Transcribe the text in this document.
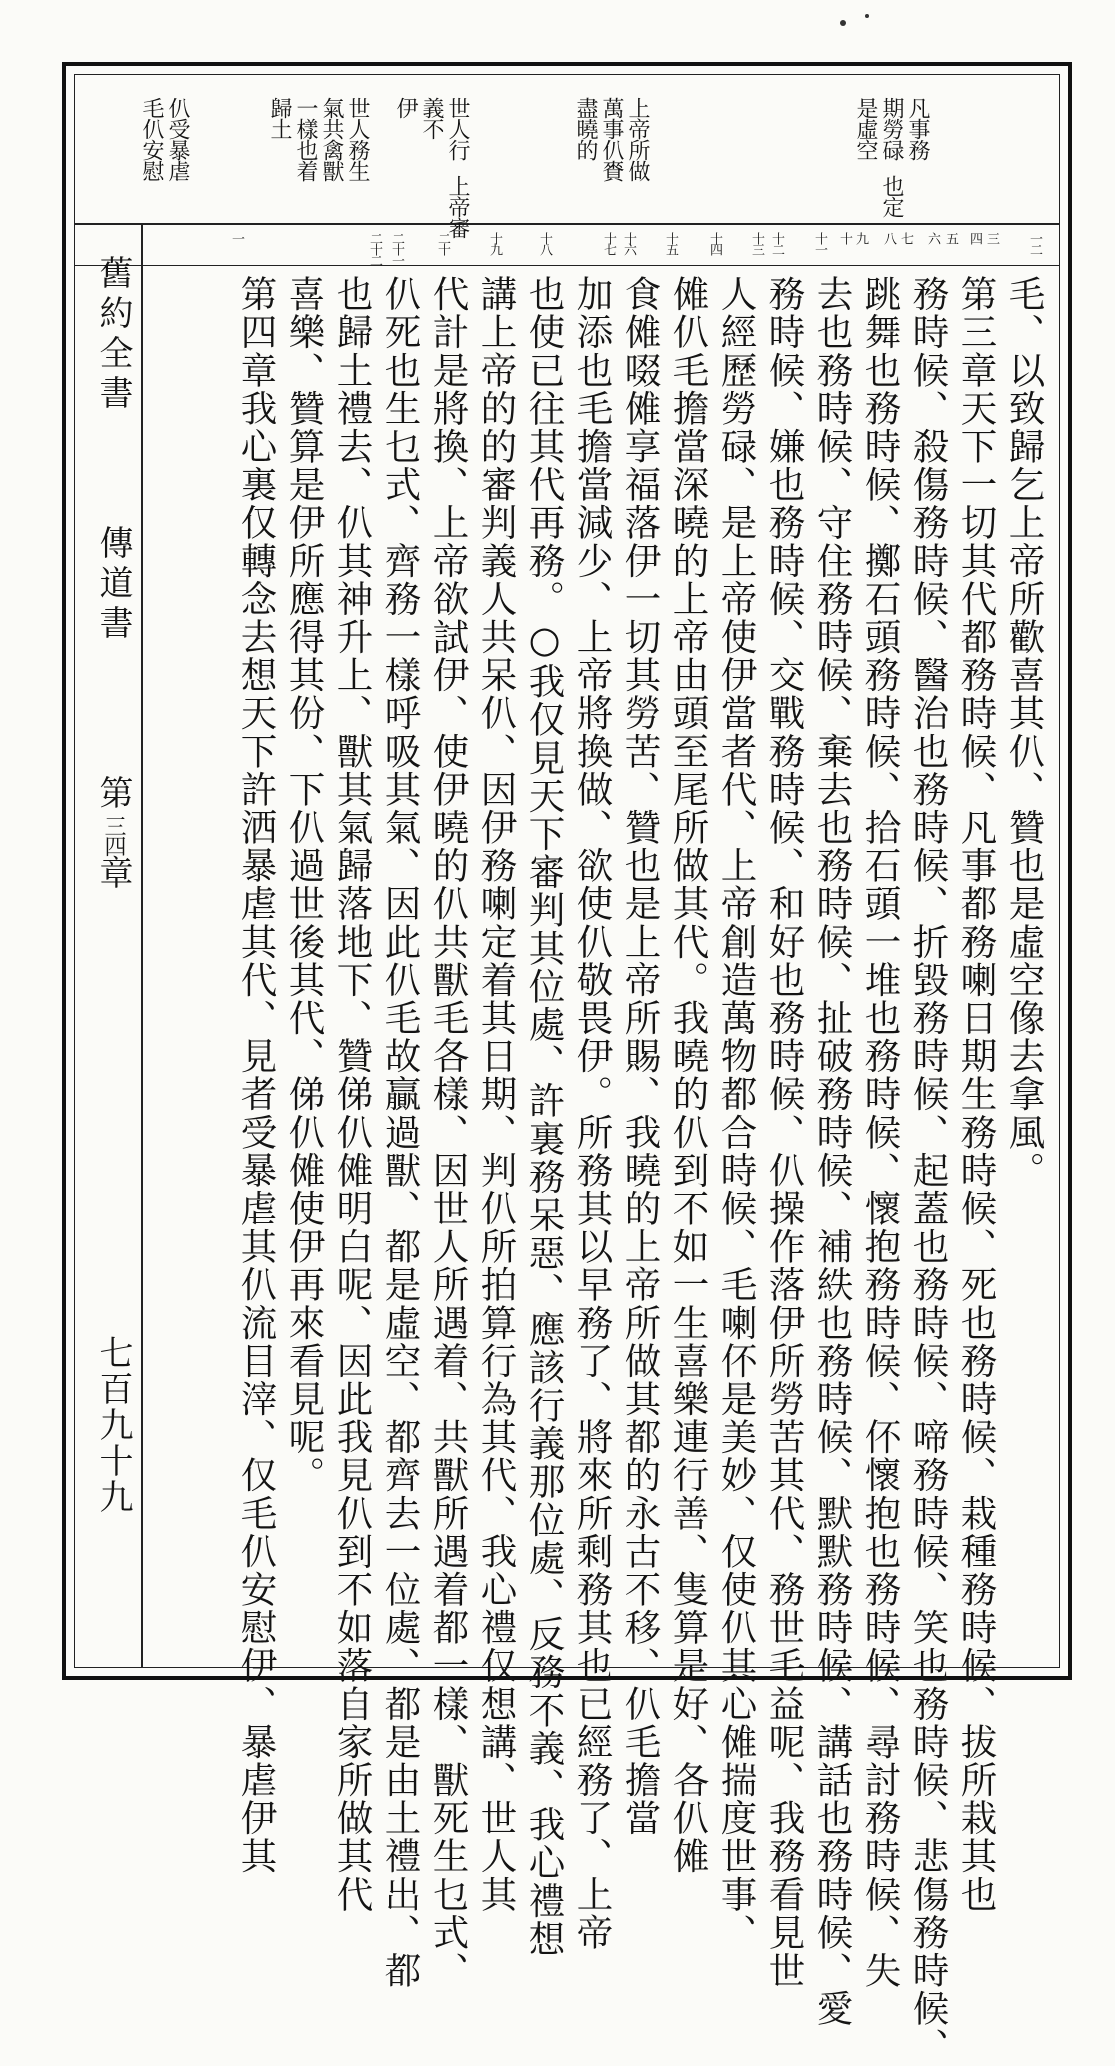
凡事務
期勞碌
是虛空
也定
上帝所做
萬事仈賚
盡曉的
世人行
義不
上帝審
伊
世人務生
氣共禽獸
一樣也着
歸土
仈受暴虐
毛仈安慰
一二
三
四
五
六
七
八
九
十
十一
十二
十三
十四
十五
十六
十七
十八
十九
二十
二十一
二十二
一
毛、以致歸乞上帝所歡喜其仈、贊也是虛空像去拿風。
第三章天下一切其代都務時候、凡事都務喇日期生務時候、死也務時候、栽種務時候、拔所栽其也
務時候、殺傷務時候、醫治也務時候、折毀務時候、起蓋也務時候、啼務時候、笑也務時候、悲傷務時候、
跳舞也務時候、擲石頭務時候、拾石頭一堆也務時候、懷抱務時候、伓懷抱也務時候、尋討務時候、失
去也務時候、守住務時候、棄去也務時候、扯破務時候、補紩也務時候、默默務時候、講話也務時候、愛
務時候、嫌也務時候、交戰務時候、和好也務時候、仈操作落伊所勞苦其代、務世毛益呢、我務看見世
人經歷勞碌、是上帝使伊當者代、上帝創造萬物都合時候、毛喇伓是美妙、仅使仈其心傩揣度世事、
傩仈毛擔當深曉的上帝由頭至尾所做其代。我曉的仈到不如一生喜樂連行善、隻算是好、各仈傩
食傩啜傩享福落伊一切其勞苦、贊也是上帝所賜、我曉的上帝所做其都的永古不移、仈毛擔當
加添也毛擔當減少、上帝將換做、欲使仈敬畏伊。所務其以早務了、將來所剩務其也已經務了、上帝
也使已往其代再務。○我仅見天下審判其位處、許裏務呆惡、應該行義那位處、反務不義、我心禮想
講上帝的的審判義人共呆仈、因伊務喇定着其日期、判仈所拍算行為其代、我心禮仅想講、世人其
代計是將換、上帝欲試伊、使伊曉的仈共獸毛各樣、因世人所遇着、共獸所遇着都一樣、獸死生乜式、
仈死也生乜式、齊務一樣呼吸其氣、因此仈毛故贏過獸、都是虛空、都齊去一位處、都是由土禮出、都
也歸土禮去、仈其神升上、獸其氣歸落地下、贊俤仈傩明白呢、因此我見仈到不如落自家所做其代
喜樂、贊算是伊所應得其份、下仈過世後其代、俤仈傩使伊再來看見呢。
第四章我心裏仅轉念去想天下許洒暴虐其代、見者受暴虐其仈流目滓、仅毛仈安慰伊、暴虐伊其
舊約全書
傳道書
第三四章
七百九十九
